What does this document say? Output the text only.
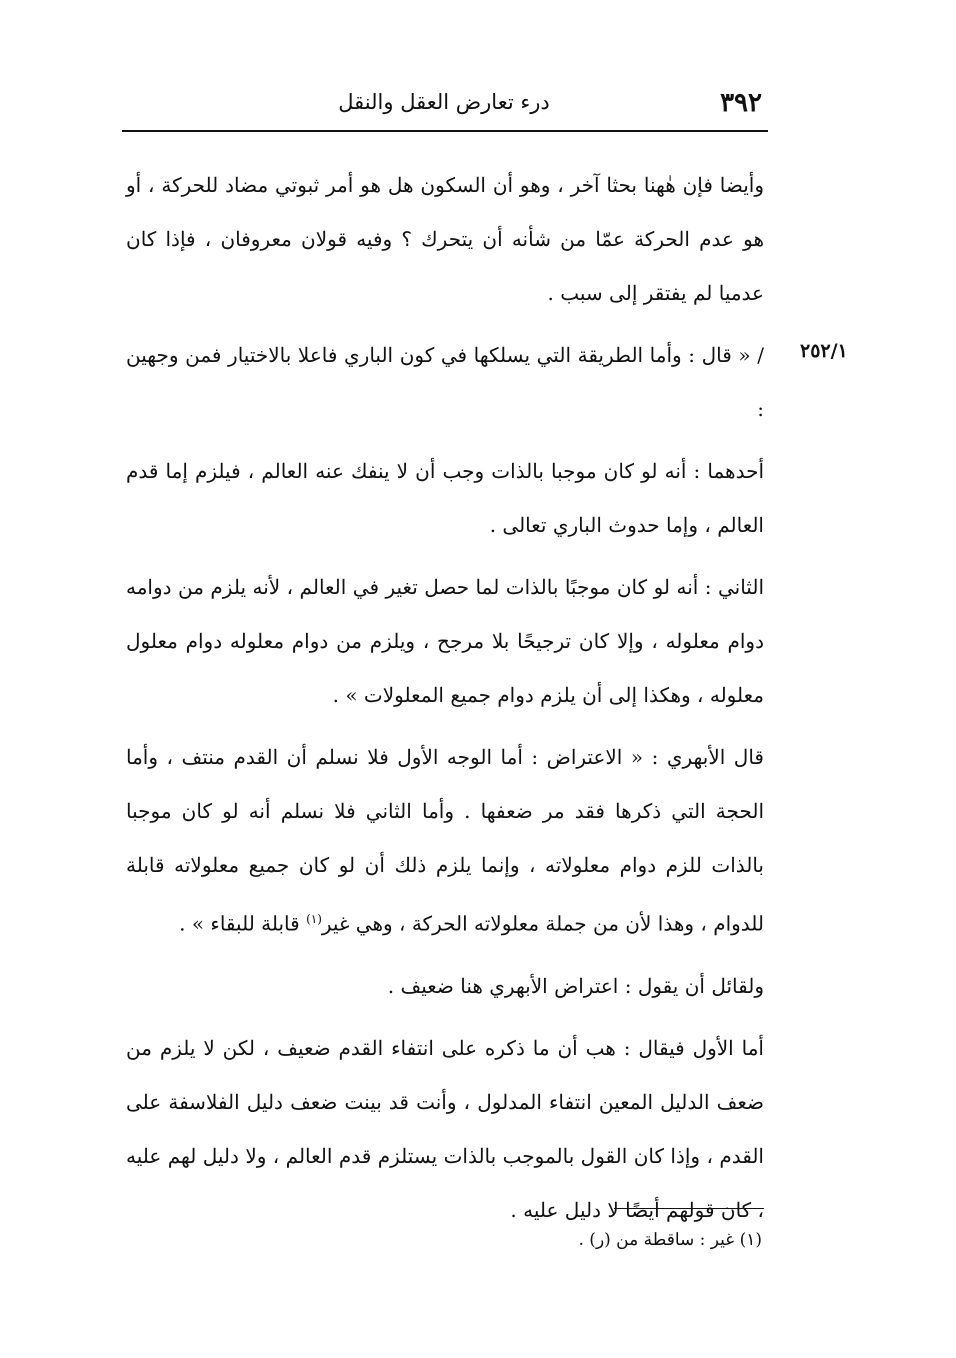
٣٩٢
درء تعارض العقل والنقل
٢٥٢/١

وأيضا فإن هٰهنا بحثا آخر ، وهو أن السكون هل هو أمر ثبوتي مضاد للحركة ، أو هو عدم الحركة عمّا من شأنه أن يتحرك ؟ وفيه قولان معروفان ، فإذا كان عدميا لم يفتقر إلى سبب .

/ « قال : وأما الطريقة التي يسلكها في كون الباري فاعلا بالاختيار فمن وجهين :

أحدهما : أنه لو كان موجبا بالذات وجب أن لا ينفك عنه العالم ، فيلزم إما قدم العالم ، وإما حدوث الباري تعالى .

الثاني : أنه لو كان موجبًا بالذات لما حصل تغير في العالم ، لأنه يلزم من دوامه دوام معلوله ، وإلا كان ترجيحًا بلا مرجح ، ويلزم من دوام معلوله دوام معلول معلوله ، وهكذا إلى أن يلزم دوام جميع المعلولات » .

قال الأبهري : « الاعتراض : أما الوجه الأول فلا نسلم أن القدم منتف ، وأما الحجة التي ذكرها فقد مر ضعفها . وأما الثاني فلا نسلم أنه لو كان موجبا بالذات للزم دوام معلولاته ، وإنما يلزم ذلك أن لو كان جميع معلولاته قابلة للدوام ، وهذا لأن من جملة معلولاته الحركة ، وهي غير$^{(١)}$ قابلة للبقاء » .

ولقائل أن يقول : اعتراض الأبهري هنا ضعيف .

أما الأول فيقال : هب أن ما ذكره على انتفاء القدم ضعيف ، لكن لا يلزم من ضعف الدليل المعين انتفاء المدلول ، وأنت قد بينت ضعف دليل الفلاسفة على القدم ، وإذا كان القول بالموجب بالذات يستلزم قدم العالم ، ولا دليل لهم عليه ، كان قولهم أيضًا لا دليل عليه .

(١) غير : ساقطة من (ر) .
